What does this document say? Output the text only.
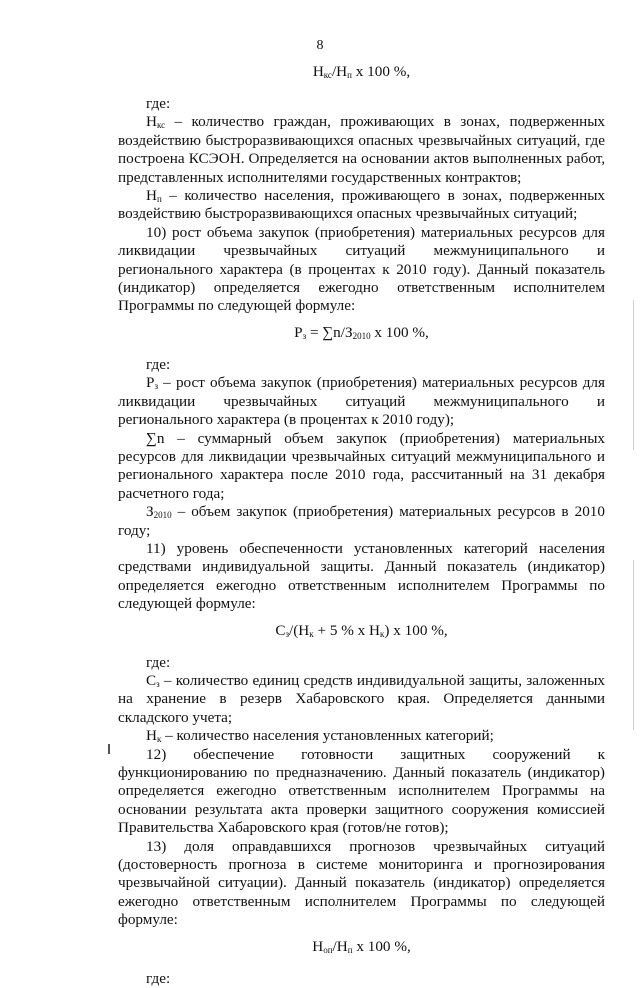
8
$Н_{кс}/Н_п$ х 100 %,
где:
$Н_{кс}$ – количество граждан, проживающих в зонах, подверженных воздействию быстроразвивающихся опасных чрезвычайных ситуаций, где построена КСЭОН. Определяется на основании актов выполненных работ, представленных исполнителями государственных контрактов;
$Н_п$ – количество населения, проживающего в зонах, подверженных воздействию быстроразвивающихся опасных чрезвычайных ситуаций;
10) рост объема закупок (приобретения) материальных ресурсов для ликвидации чрезвычайных ситуаций межмуниципального и регионального характера (в процентах к 2010 году). Данный показатель (индикатор) определяется ежегодно ответственным исполнителем Программы по следующей формуле:
$Р_з = \sum n/З_{2010}$ х 100 %,
где:
$Р_з$ – рост объема закупок (приобретения) материальных ресурсов для ликвидации чрезвычайных ситуаций межмуниципального и регионального характера (в процентах к 2010 году);
∑n – суммарный объем закупок (приобретения) материальных ресурсов для ликвидации чрезвычайных ситуаций межмуниципального и регионального характера после 2010 года, рассчитанный на 31 декабря расчетного года;
$З_{2010}$ – объем закупок (приобретения) материальных ресурсов в 2010 году;
11) уровень обеспеченности установленных категорий населения средствами индивидуальной защиты. Данный показатель (индикатор) определяется ежегодно ответственным исполнителем Программы по следующей формуле:
$С_з/(Н_к + 5$ % х $Н_к$) х 100 %,
где:
$С_з$ – количество единиц средств индивидуальной защиты, заложенных на хранение в резерв Хабаровского края. Определяется данными складского учета;
$Н_к$ – количество населения установленных категорий;
12) обеспечение готовности защитных сооружений к функционированию по предназначению. Данный показатель (индикатор) определяется ежегодно ответственным исполнителем Программы на основании результата акта проверки защитного сооружения комиссией Правительства Хабаровского края (готов/не готов);
13) доля оправдавшихся прогнозов чрезвычайных ситуаций (достоверность прогноза в системе мониторинга и прогнозирования чрезвычайной ситуации). Данный показатель (индикатор) определяется ежегодно ответственным исполнителем Программы по следующей формуле:
$Н_{оп}/Н_п$ х 100 %,
где:
